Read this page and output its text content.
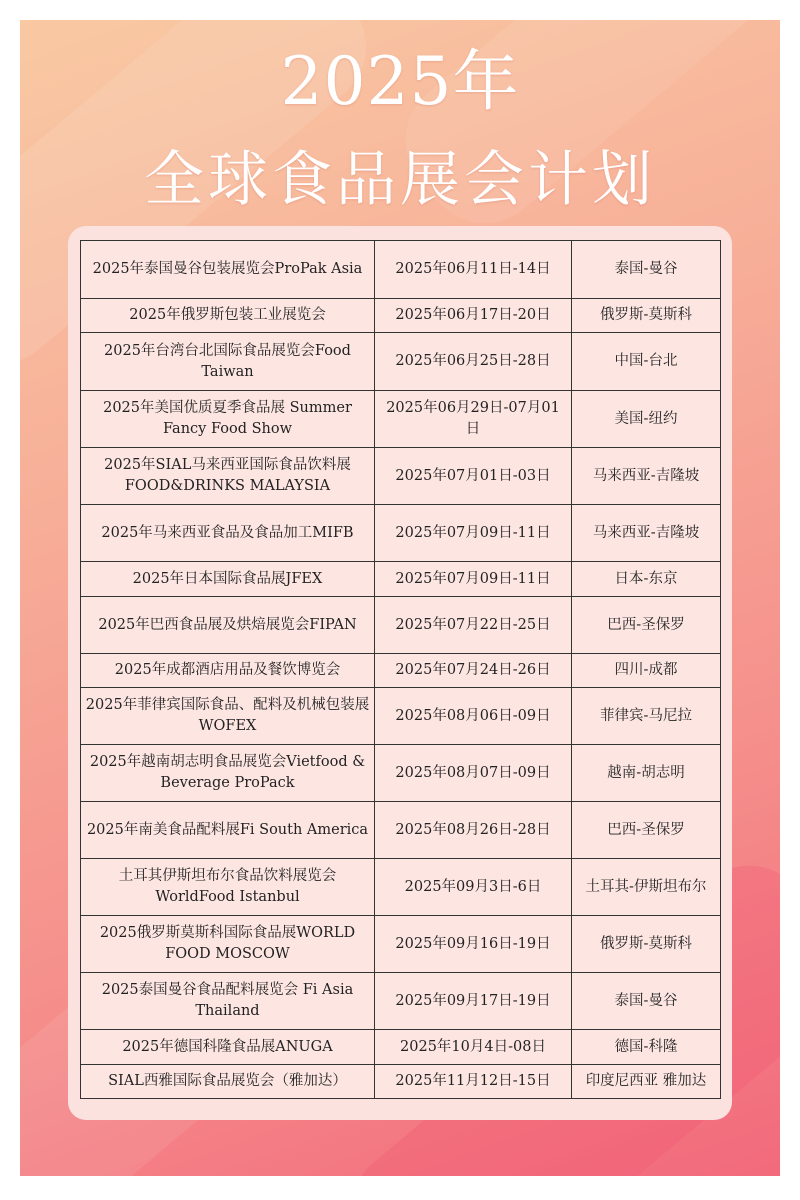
2025年
全球食品展会计划
2025年泰国曼谷包装展览会ProPak Asia	2025年06月11日-14日	泰国-曼谷
2025年俄罗斯包装工业展览会	2025年06月17日-20日	俄罗斯-莫斯科
2025年台湾台北国际食品展览会Food Taiwan	2025年06月25日-28日	中国-台北
2025年美国优质夏季食品展 Summer Fancy Food Show	2025年06月29日-07月01日	美国-纽约
2025年SIAL马来西亚国际食品饮料展FOOD&DRINKS MALAYSIA	2025年07月01日-03日	马来西亚-吉隆坡
2025年马来西亚食品及食品加工MIFB	2025年07月09日-11日	马来西亚-吉隆坡
2025年日本国际食品展JFEX	2025年07月09日-11日	日本-东京
2025年巴西食品展及烘焙展览会FIPAN	2025年07月22日-25日	巴西-圣保罗
2025年成都酒店用品及餐饮博览会	2025年07月24日-26日	四川-成都
2025年菲律宾国际食品、配料及机械包装展WOFEX	2025年08月06日-09日	菲律宾-马尼拉
2025年越南胡志明食品展览会Vietfood & Beverage ProPack	2025年08月07日-09日	越南-胡志明
2025年南美食品配料展Fi South America	2025年08月26日-28日	巴西-圣保罗
土耳其伊斯坦布尔食品饮料展览会WorldFood Istanbul	2025年09月3日-6日	土耳其-伊斯坦布尔
2025俄罗斯莫斯科国际食品展WORLD FOOD MOSCOW	2025年09月16日-19日	俄罗斯-莫斯科
2025泰国曼谷食品配料展览会 Fi Asia Thailand	2025年09月17日-19日	泰国-曼谷
2025年德国科隆食品展ANUGA	2025年10月4日-08日	德国-科隆
SIAL西雅国际食品展览会（雅加达）	2025年11月12日-15日	印度尼西亚 雅加达
